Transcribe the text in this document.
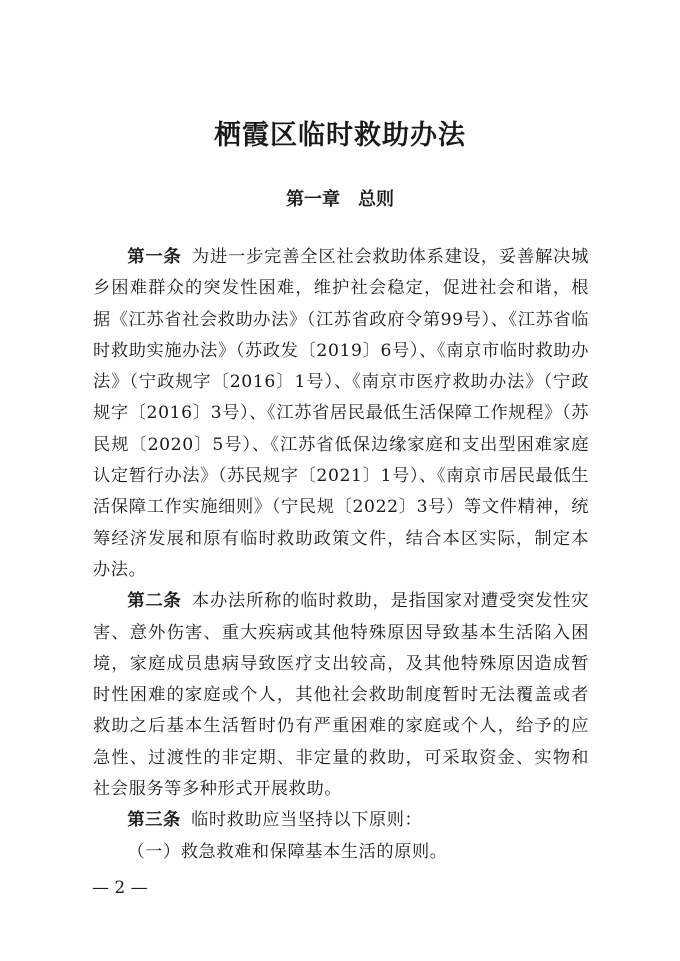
栖霞区临时救助办法
第一章　总则

第一条 为进一步完善全区社会救助体系建设，妥善解决城乡困难群众的突发性困难，维护社会稳定，促进社会和谐，根据《江苏省社会救助办法》（江苏省政府令第99号）、《江苏省临时救助实施办法》（苏政发〔2019〕6号）、《南京市临时救助办法》（宁政规字〔2016〕1号）、《南京市医疗救助办法》（宁政规字〔2016〕3号）、《江苏省居民最低生活保障工作规程》（苏民规〔2020〕5号）、《江苏省低保边缘家庭和支出型困难家庭认定暂行办法》（苏民规字〔2021〕1号）、《南京市居民最低生活保障工作实施细则》（宁民规〔2022〕3号）等文件精神，统筹经济发展和原有临时救助政策文件，结合本区实际，制定本办法。

第二条 本办法所称的临时救助，是指国家对遭受突发性灾害、意外伤害、重大疾病或其他特殊原因导致基本生活陷入困境，家庭成员患病导致医疗支出较高，及其他特殊原因造成暂时性困难的家庭或个人，其他社会救助制度暂时无法覆盖或者救助之后基本生活暂时仍有严重困难的家庭或个人，给予的应急性、过渡性的非定期、非定量的救助，可采取资金、实物和社会服务等多种形式开展救助。

第三条 临时救助应当坚持以下原则：

（一）救急救难和保障基本生活的原则。

— 2 —
